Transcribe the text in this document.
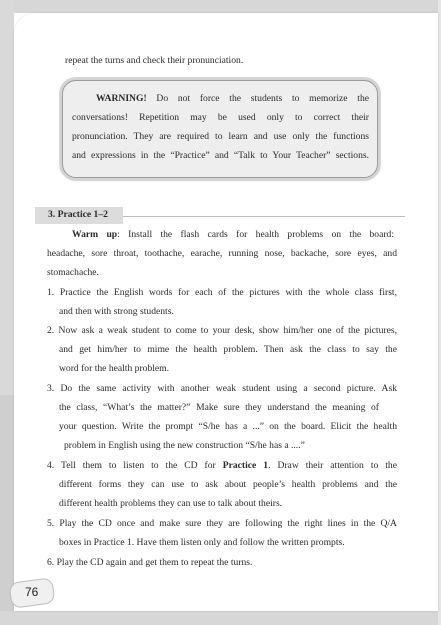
repeat the turns and check their pronunciation.
WARNING! Do not force the students to memorize the
conversations! Repetition may be used only to correct their
pronunciation. They are required to learn and use only the functions
and expressions in the “Practice” and “Talk to Your Teacher” sections.
3. Practice 1–2
Warm up: Install the flash cards for health problems on the board:
headache, sore throat, toothache, earache, running nose, backache, sore eyes, and
stomachache.
1. Practice the English words for each of the pictures with the whole class first,
and then with strong students.
2. Now ask a weak student to come to your desk, show him/her one of the pictures,
and get him/her to mime the health problem. Then ask the class to say the
word for the health problem.
3. Do the same activity with another weak student using a second picture. Ask
the class, “What’s the matter?” Make sure they understand the meaning of
your question. Write the prompt “S/he has a ...” on the board. Elicit the health
problem in English using the new construction “S/he has a ....”
4. Tell them to listen to the CD for Practice 1. Draw their attention to the
different forms they can use to ask about people’s health problems and the
different health problems they can use to talk about theirs.
5. Play the CD once and make sure they are following the right lines in the Q/A
boxes in Practice 1. Have them listen only and follow the written prompts.
6. Play the CD again and get them to repeat the turns.
76
